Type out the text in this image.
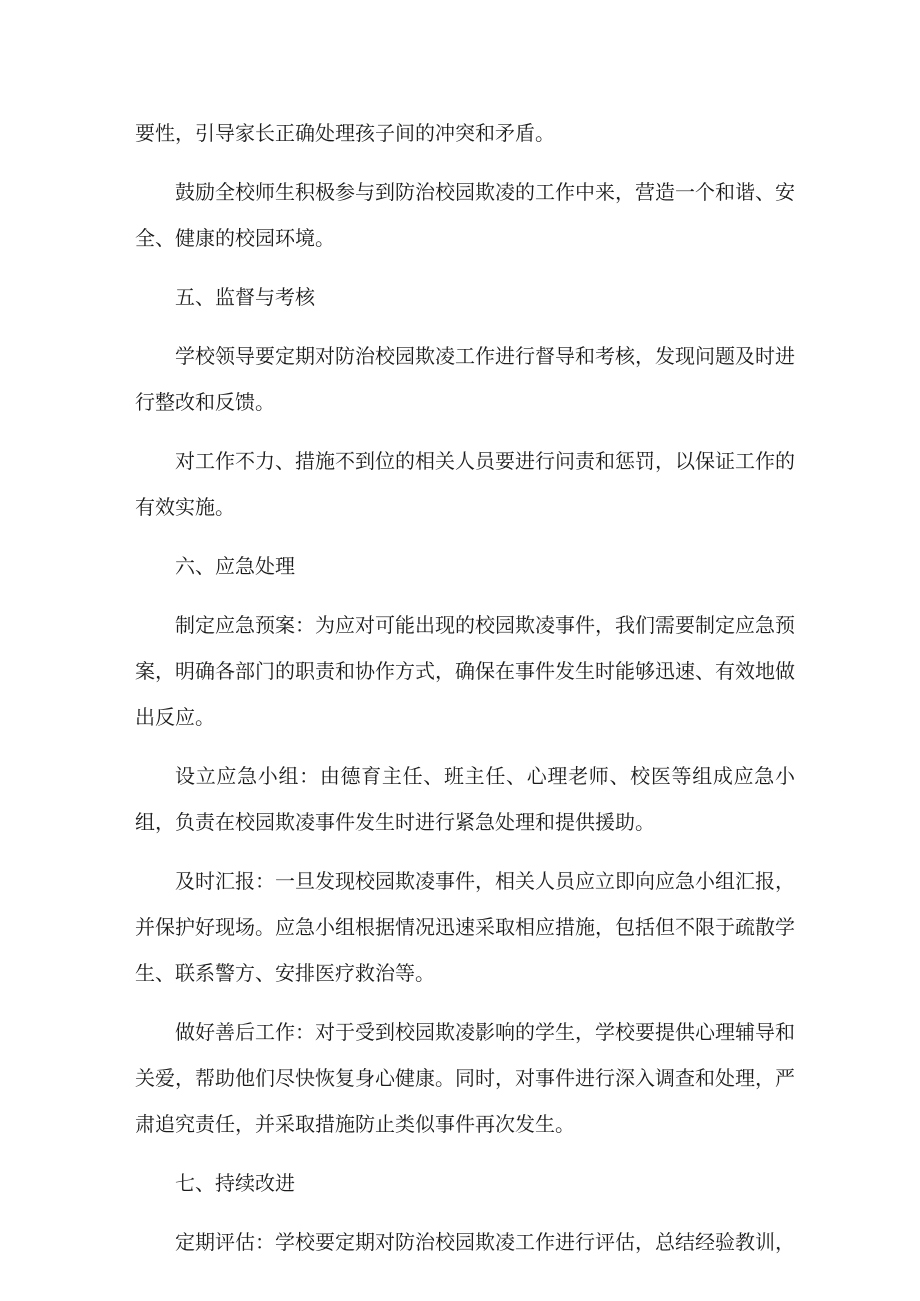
要性，引导家长正确处理孩子间的冲突和矛盾。

鼓励全校师生积极参与到防治校园欺凌的工作中来，营造一个和谐、安全、健康的校园环境。

五、监督与考核

学校领导要定期对防治校园欺凌工作进行督导和考核，发现问题及时进行整改和反馈。

对工作不力、措施不到位的相关人员要进行问责和惩罚，以保证工作的有效实施。

六、应急处理

制定应急预案：为应对可能出现的校园欺凌事件，我们需要制定应急预案，明确各部门的职责和协作方式，确保在事件发生时能够迅速、有效地做出反应。

设立应急小组：由德育主任、班主任、心理老师、校医等组成应急小组，负责在校园欺凌事件发生时进行紧急处理和提供援助。

及时汇报：一旦发现校园欺凌事件，相关人员应立即向应急小组汇报，并保护好现场。应急小组根据情况迅速采取相应措施，包括但不限于疏散学生、联系警方、安排医疗救治等。

做好善后工作：对于受到校园欺凌影响的学生，学校要提供心理辅导和关爱，帮助他们尽快恢复身心健康。同时，对事件进行深入调查和处理，严肃追究责任，并采取措施防止类似事件再次发生。

七、持续改进

定期评估：学校要定期对防治校园欺凌工作进行评估，总结经验教训，
